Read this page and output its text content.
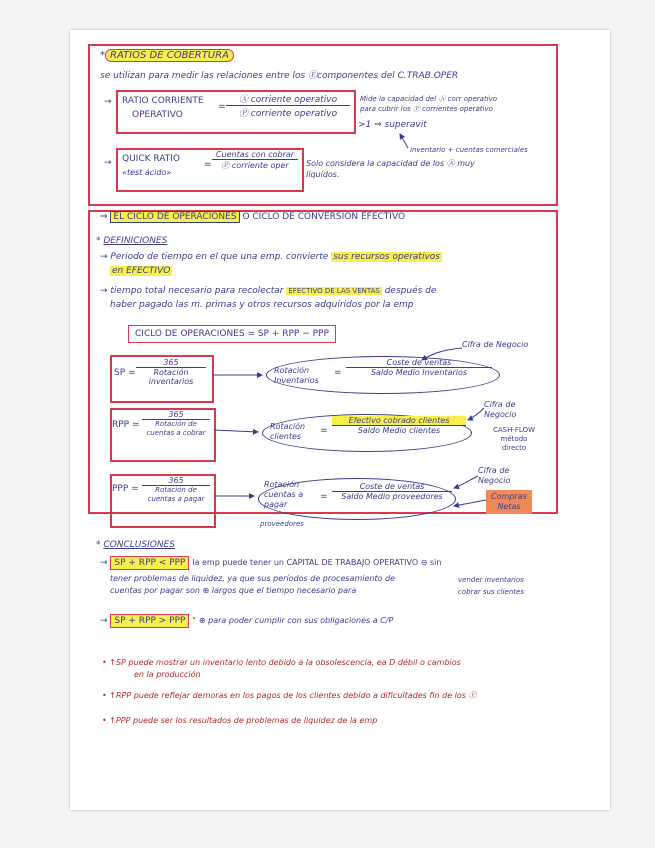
* RATIOS DE COBERTURA
se utilizan para medir las relaciones entre los Ⓔcomponentes del C.TRAB.OPER
→ RATIO CORRIENTE
OPERATIVO
=
Ⓐ corriente operativo
Ⓟ corriente operativo
Mide la capacidad del Ⓐ corr operativo
para cubrir los Ⓟ corrientes operativo
>1 ⇒ superavit
inventario + cuentas comerciales
→ QUICK RATIO
«test ácido»
=
Cuentas con cobrar
Ⓟ corriente oper	Solo considera la capacidad de los Ⓐ muy
líquidos.
⇒ EL CICLO DE OPERACIONES O CICLO DE CONVERSIÓN EFECTIVO
* DEFINICIONES
→ Periodo de tiempo en el que una emp. convierte sus recursos operativos
en EFECTIVO
→ tiempo total necesario para recolectar EFECTIVO DE LAS VENTAS después de
haber pagado las m. primas y otros recursos adquiridos por la emp
CICLO DE OPERACIONES = SP + RPP − PPP
Cifra de Negocio
SP =
365
Rotación inventarios
Rotación Inventarios
=
Coste de ventas
Saldo Medio Inventarios
RPP =
365
Rotación de cuentas a cobrar
Rotación clientes
=
Efectivo cobrado clientes
Saldo Medio clientes
Cifra de Negocio
CASH-FLOW método directo
PPP =
365
Rotación de cuentas a pagar
Rotación cuentas a pagar
=
Coste de ventas
Saldo Medio proveedores
Cifra de Negocio
Compras Netas
proveedores
* CONCLUSIONES
→ SP + RPP < PPP la emp puede tener un CAPITAL DE TRABAJO OPERATIVO ⊖ sin
tener problemas de liquidez, ya que sus períodos de procesamiento de
cuentas por pagar son ⊕ largos que el tiempo necesario para
vender inventarios
cobrar sus clientes
→ SP + RPP > PPP " ⊕ para poder cumplir con sus obligaciones a C/P
• ↑SP puede mostrar un inventario lento debido a la obsolescencia, ea D débil o cambios
en la producción
• ↑RPP puede reflejar demoras en los pagos de los clientes debido a dificultades fin de los Ⓔ
• ↑PPP puede ser los resultados de problemas de liquidez de la emp
